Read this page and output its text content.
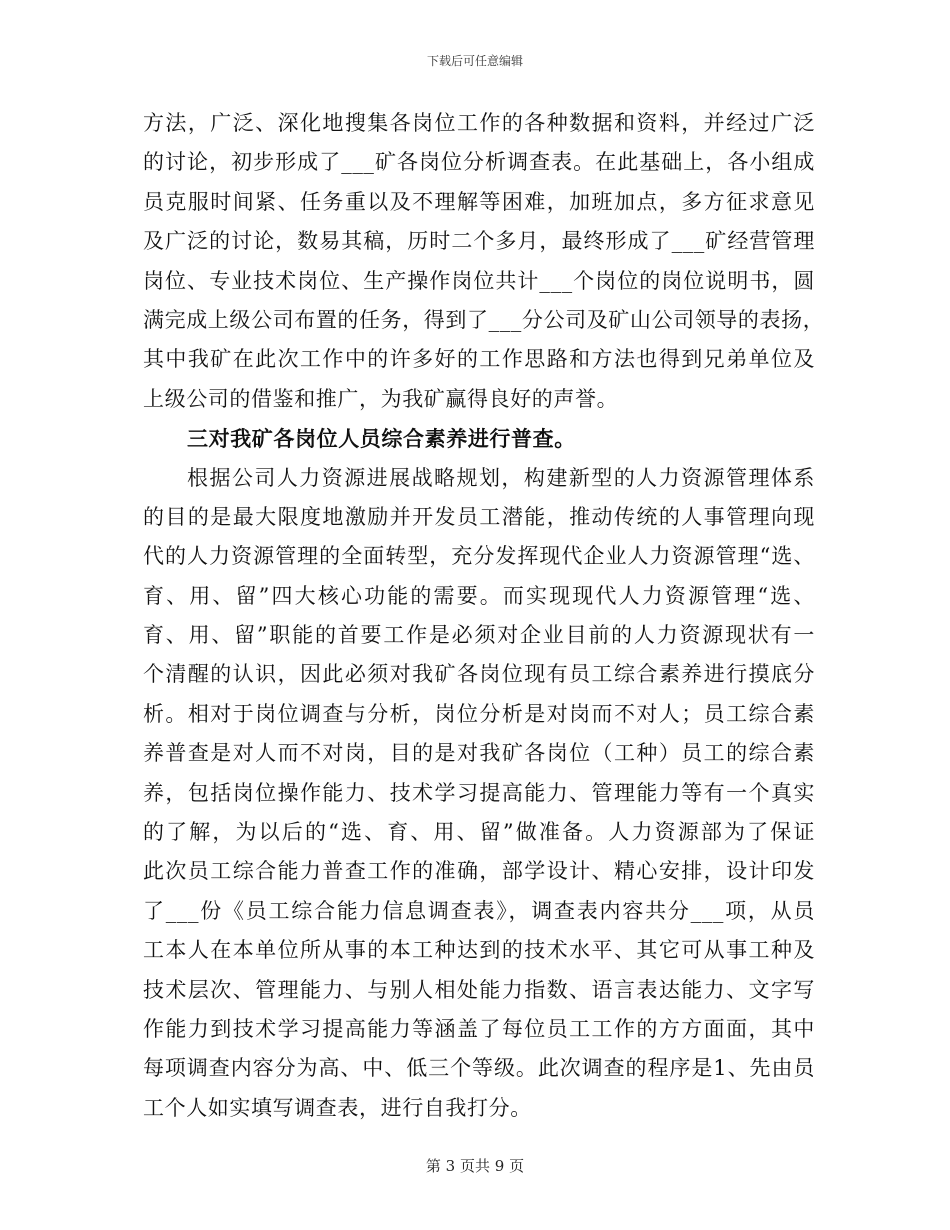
下载后可任意编辑
方法，广泛、深化地搜集各岗位工作的各种数据和资料，并经过广泛
的讨论，初步形成了___矿各岗位分析调查表。在此基础上，各小组成
员克服时间紧、任务重以及不理解等困难，加班加点，多方征求意见
及广泛的讨论，数易其稿，历时二个多月，最终形成了___矿经营管理
岗位、专业技术岗位、生产操作岗位共计___个岗位的岗位说明书，圆
满完成上级公司布置的任务，得到了___分公司及矿山公司领导的表扬，
其中我矿在此次工作中的许多好的工作思路和方法也得到兄弟单位及
上级公司的借鉴和推广，为我矿赢得良好的声誉。
三对我矿各岗位人员综合素养进行普查。
根据公司人力资源进展战略规划，构建新型的人力资源管理体系
的目的是最大限度地激励并开发员工潜能，推动传统的人事管理向现
代的人力资源管理的全面转型，充分发挥现代企业人力资源管理“选、
育、用、留”四大核心功能的需要。而实现现代人力资源管理“选、
育、用、留”职能的首要工作是必须对企业目前的人力资源现状有一
个清醒的认识，因此必须对我矿各岗位现有员工综合素养进行摸底分
析。相对于岗位调查与分析，岗位分析是对岗而不对人；员工综合素
养普查是对人而不对岗，目的是对我矿各岗位（工种）员工的综合素
养，包括岗位操作能力、技术学习提高能力、管理能力等有一个真实
的了解，为以后的“选、育、用、留”做准备。人力资源部为了保证
此次员工综合能力普查工作的准确，部学设计、精心安排，设计印发
了___份《员工综合能力信息调查表》，调查表内容共分___项，从员
工本人在本单位所从事的本工种达到的技术水平、其它可从事工种及
技术层次、管理能力、与别人相处能力指数、语言表达能力、文字写
作能力到技术学习提高能力等涵盖了每位员工工作的方方面面，其中
每项调查内容分为高、中、低三个等级。此次调查的程序是1、先由员
工个人如实填写调查表，进行自我打分。
第 3 页共 9 页
